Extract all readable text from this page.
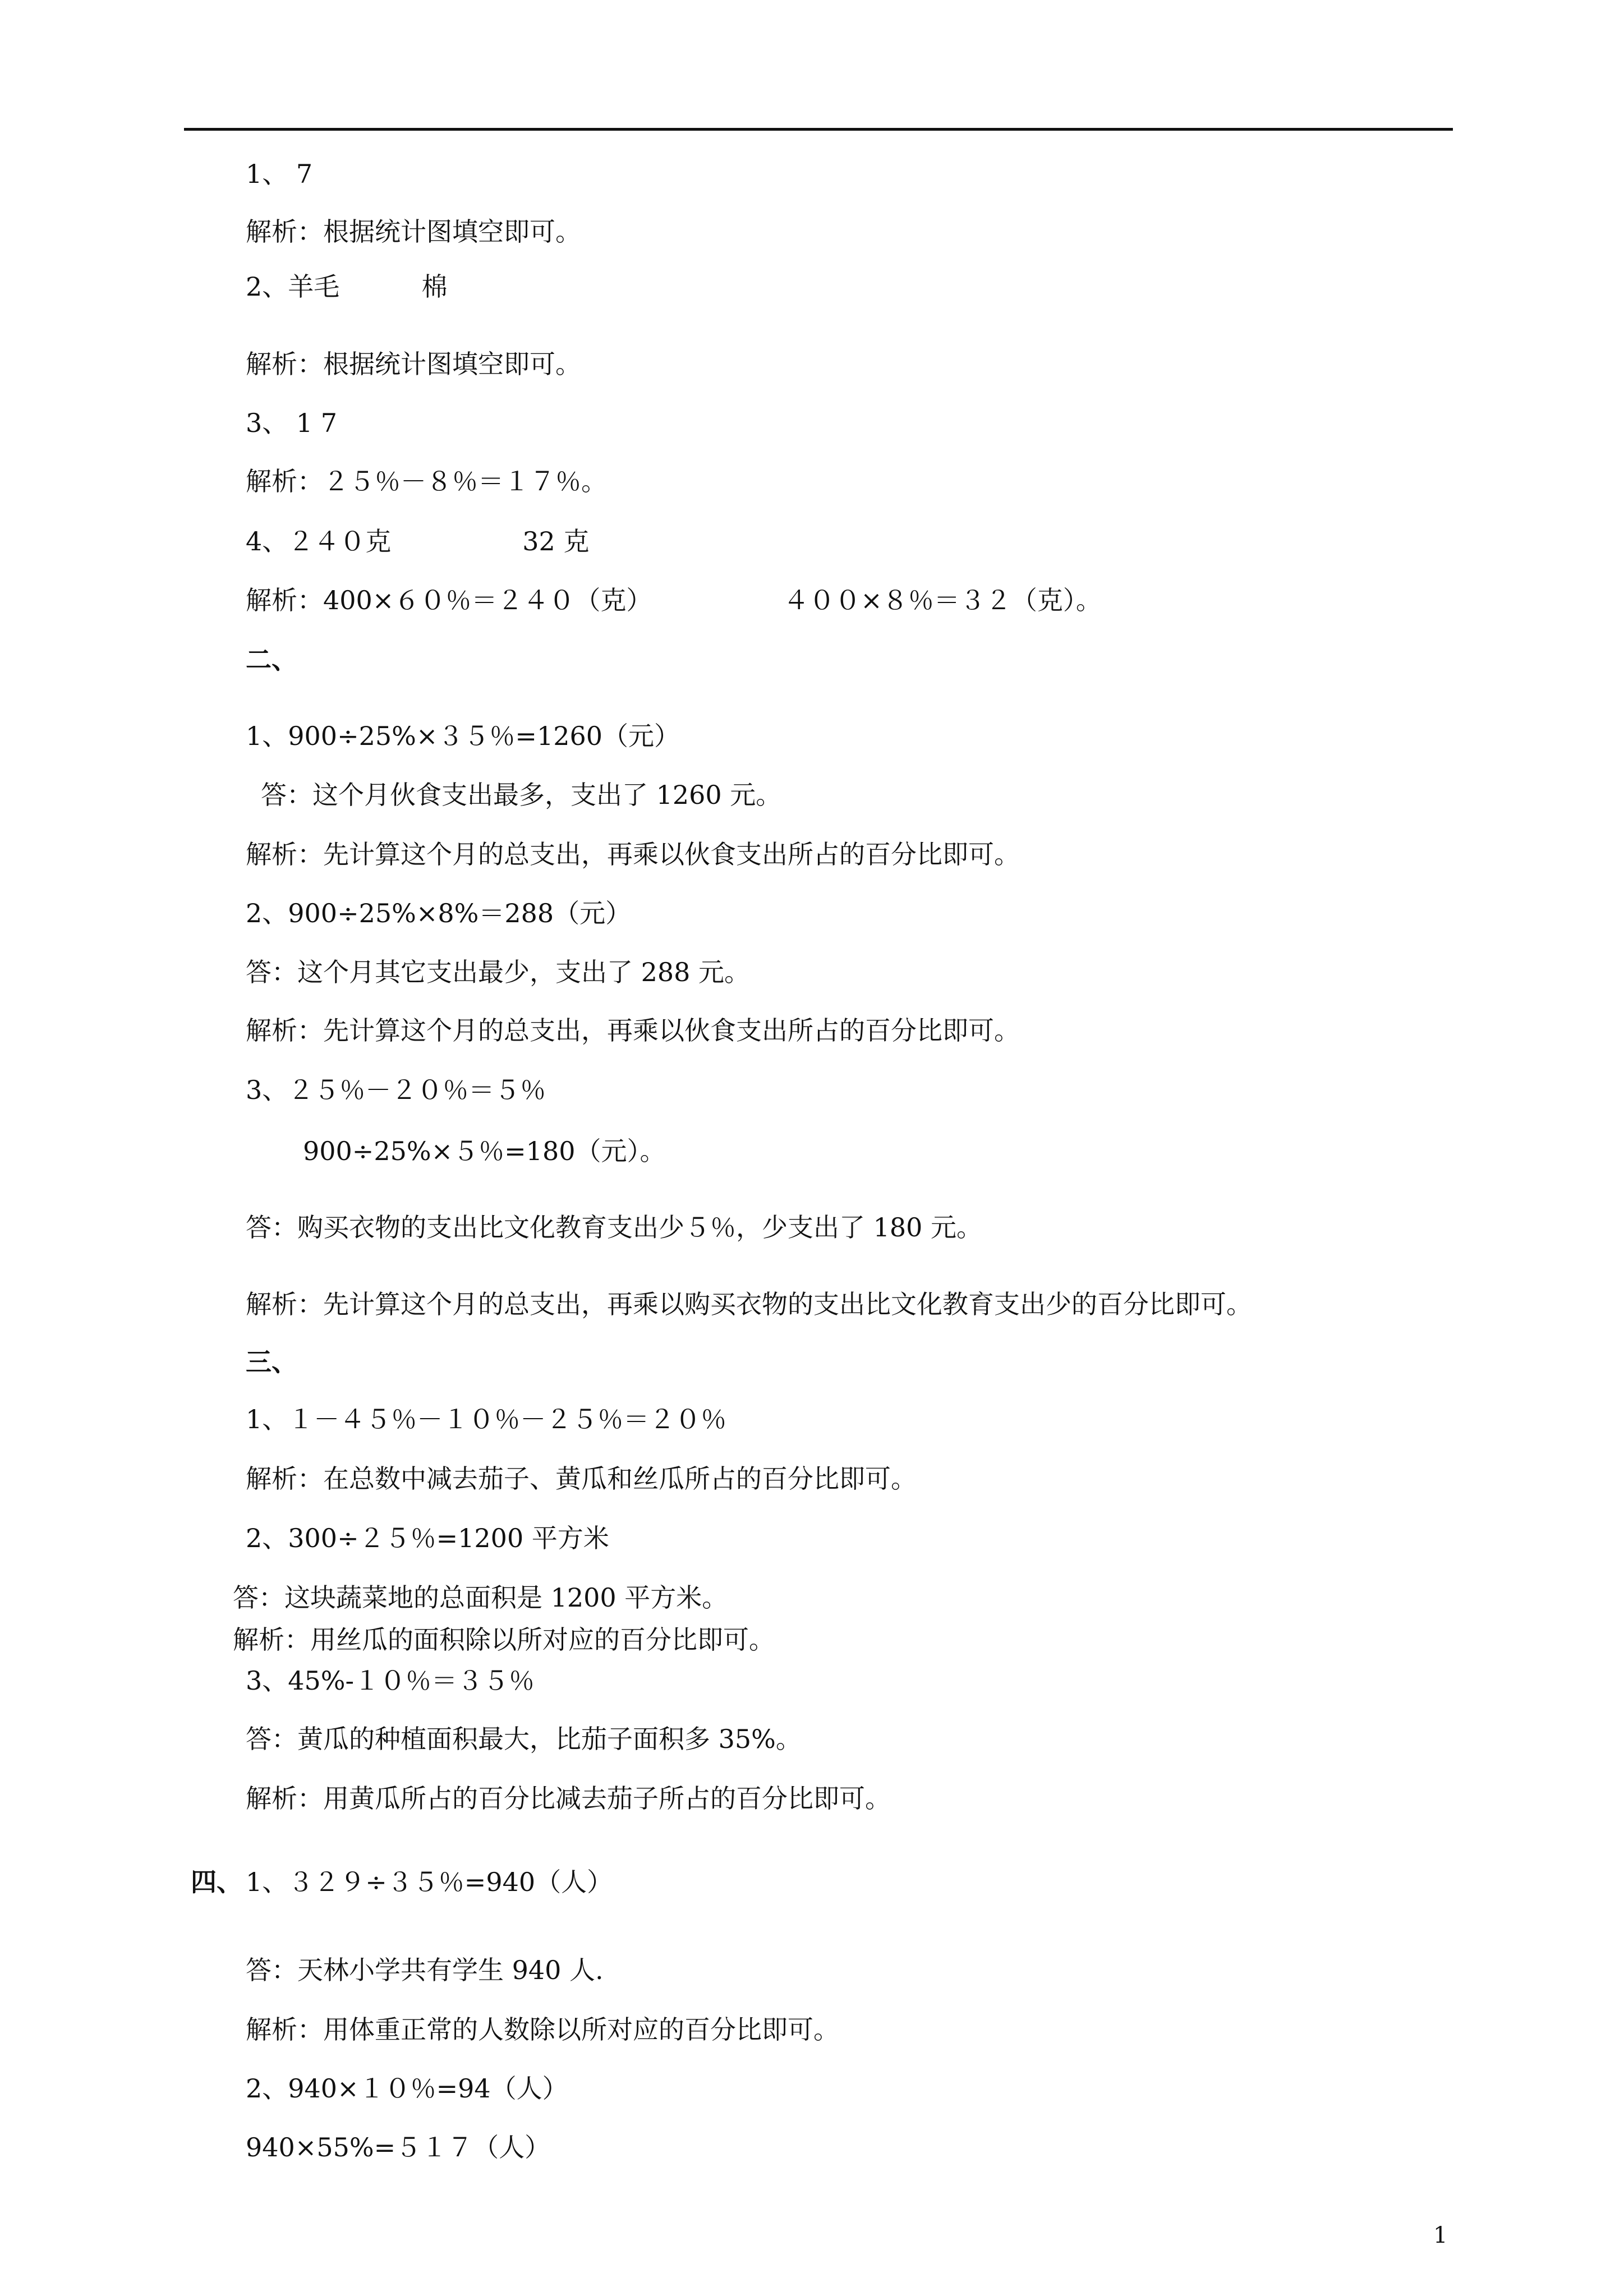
1、 7
解析：根据统计图填空即可。
2、羊毛          棉
解析：根据统计图填空即可。
3、 1 7
解析：２５％－８％＝１７％。
4、２４０克                32 克
解析：400×６０％＝２４０（克）                ４００×８％＝３２（克）。
二、
1、900÷25%×３５％=1260（元）
答：这个月伙食支出最多，支出了 1260 元。
解析：先计算这个月的总支出，再乘以伙食支出所占的百分比即可。
2、900÷25%×8%＝288（元）
答：这个月其它支出最少，支出了 288 元。
解析：先计算这个月的总支出，再乘以伙食支出所占的百分比即可。
3、２５％－２０％＝５％
900÷25%×５％=180（元）。
答：购买衣物的支出比文化教育支出少５％，少支出了 180 元。
解析：先计算这个月的总支出，再乘以购买衣物的支出比文化教育支出少的百分比即可。
三、
1、１－４５％－１０％－２５％＝２０％
解析：在总数中减去茄子、黄瓜和丝瓜所占的百分比即可。
2、300÷２５％=1200 平方米
答：这块蔬菜地的总面积是 1200 平方米。
解析：用丝瓜的面积除以所对应的百分比即可。
3、45%-１０％＝３５％
答：黄瓜的种植面积最大，比茄子面积多 35%。
解析：用黄瓜所占的百分比减去茄子所占的百分比即可。
四、 1、３２９÷３５％=940（人）
答：天林小学共有学生 940 人.
解析：用体重正常的人数除以所对应的百分比即可。
2、940×１０％=94（人）
940×55%=５１７（人）
1
